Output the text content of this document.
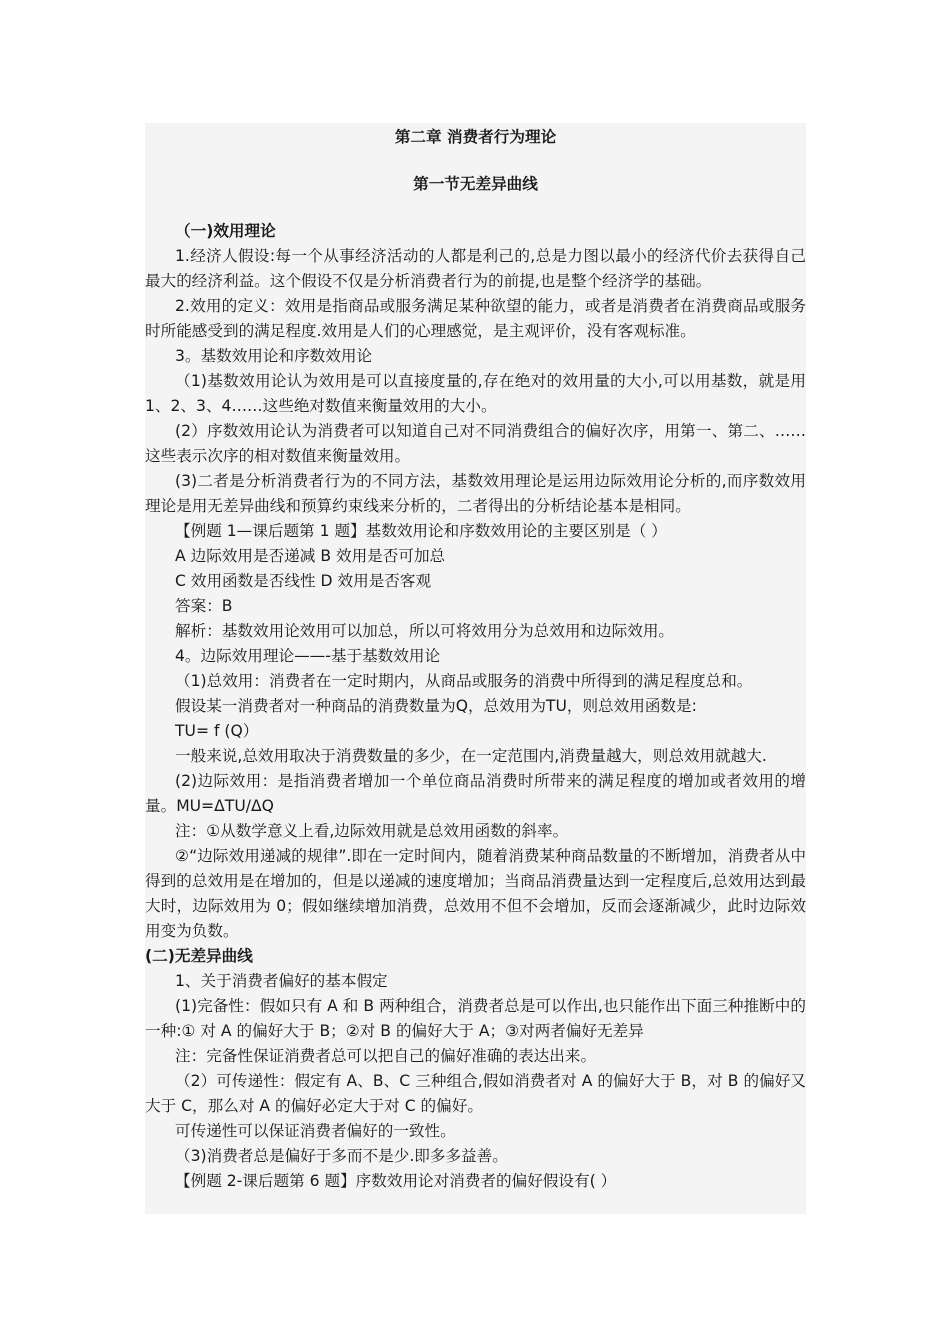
第二章 消费者行为理论
第一节无差异曲线

（一)效用理论

1.经济人假设:每一个从事经济活动的人都是利己的,总是力图以最小的经济代价去获得自己最大的经济利益。这个假设不仅是分析消费者行为的前提,也是整个经济学的基础。

2.效用的定义：效用是指商品或服务满足某种欲望的能力，或者是消费者在消费商品或服务时所能感受到的满足程度.效用是人们的心理感觉，是主观评价，没有客观标准。

3。基数效用论和序数效用论

（1)基数效用论认为效用是可以直接度量的,存在绝对的效用量的大小,可以用基数，就是用 1、2、3、4……这些绝对数值来衡量效用的大小。

(2）序数效用论认为消费者可以知道自己对不同消费组合的偏好次序，用第一、第二、……这些表示次序的相对数值来衡量效用。

(3)二者是分析消费者行为的不同方法，基数效用理论是运用边际效用论分析的,而序数效用理论是用无差异曲线和预算约束线来分析的，二者得出的分析结论基本是相同。

【例题 1—课后题第 1 题】基数效用论和序数效用论的主要区别是（ ）

A 边际效用是否递减 B 效用是否可加总

C 效用函数是否线性 D 效用是否客观

答案：B

解析：基数效用论效用可以加总，所以可将效用分为总效用和边际效用。

4。边际效用理论——-基于基数效用论

（1)总效用：消费者在一定时期内，从商品或服务的消费中所得到的满足程度总和。

假设某一消费者对一种商品的消费数量为Q，总效用为TU，则总效用函数是:

TU= f (Q）

一般来说,总效用取决于消费数量的多少，在一定范围内,消费量越大，则总效用就越大.

(2)边际效用：是指消费者增加一个单位商品消费时所带来的满足程度的增加或者效用的增量。MU=ΔTU/ΔQ

注：①从数学意义上看,边际效用就是总效用函数的斜率。

②“边际效用递减的规律”.即在一定时间内，随着消费某种商品数量的不断增加，消费者从中得到的总效用是在增加的，但是以递减的速度增加；当商品消费量达到一定程度后,总效用达到最大时，边际效用为 0；假如继续增加消费，总效用不但不会增加，反而会逐渐减少，此时边际效用变为负数。

(二)无差异曲线

1、关于消费者偏好的基本假定

(1)完备性：假如只有 A 和 B 两种组合，消费者总是可以作出,也只能作出下面三种推断中的一种:① 对 A 的偏好大于 B；②对 B 的偏好大于 A；③对两者偏好无差异

注：完备性保证消费者总可以把自己的偏好准确的表达出来。

（2）可传递性：假定有 A、B、C 三种组合,假如消费者对 A 的偏好大于 B，对 B 的偏好又大于 C，那么对 A 的偏好必定大于对 C 的偏好。

可传递性可以保证消费者偏好的一致性。

（3)消费者总是偏好于多而不是少.即多多益善。

【例题 2-课后题第 6 题】序数效用论对消费者的偏好假设有( ）
